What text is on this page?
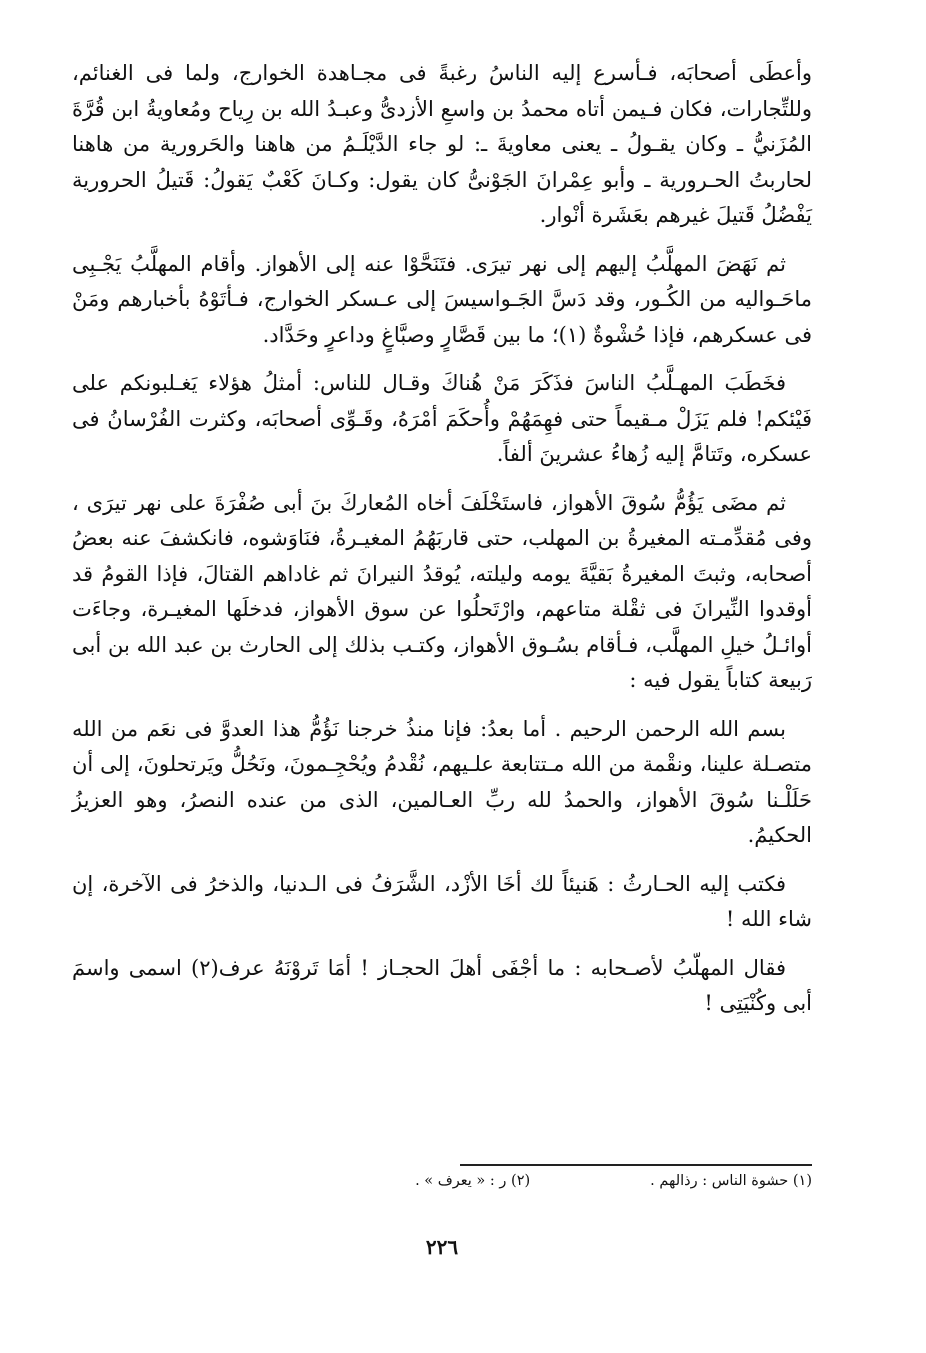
وأعطَى أصحابَه، فـأسرع إليه الناسُ رغبةً فى مجـاهدة الخوارج، ولما فى الغنائم، وللتِّجارات، فكان فـيمن أتاه محمدُ بن واسعِ الأزدىُّ وعبـدُ الله بن رِياح ومُعاويةُ ابن قُرَّةَ المُزَنيُّ ـ وكان يقـولُ ـ يعنى معاويةَ ـ: لو جاء الدَّيْلَـمُ من هاهنا والحَرورية من هاهنا لحاربتُ الحـرورية ـ وأبو عِمْرانَ الجَوْنىُّ كان يقول: وكـانَ كَعْبٌ يَقولُ: قَتيلُ الحرورية يَفْضُلُ قَتيلَ غيرهم بعَشَرة أنْوار.

ثم نَهَضَ المهلَّبُ إليهم إلى نهر تيرَى. فتَنَحَّوْا عنه إلى الأهواز. وأقام المهلَّبُ يَجْـبِى ماحَـواليه من الكُـور، وقد دَسَّ الجَـواسيسَ إلى عـسكر الخوارج، فـأتَوْهُ بأخبارهم ومَنْ فى عسكرهم، فإذا حُشْوةٌ (١)؛ ما بين قَصَّارٍ وصبَّاغٍ وداعرٍ وحَدَّاد.

فخَطَبَ المهـلَّبُ الناسَ فذَكَرَ مَنْ هُناكَ وقـال للناس: أمثلُ هؤلاء يَغـلبونكم على فَيْئكم! فلم يَزَلْ مـقيماً حتى فهِمَهُمْ وأُحكَمَ أمْرَهُ، وقَـوِّى أصحابَه، وكثرت الفُرْسانُ فى عسكره، وتَتامَّ إليه زُهاءُ عشرينَ ألفاً.

ثم مضَى يَؤُمُّ سُوقَ الأهواز، فاستَخْلَفَ أخاه المُعاركَ بنَ أبى صُفْرَةَ على نهر تيرَى ، وفى مُقدِّمـته المغيرةُ بن المهلب، حتى قاربَهُمُ المغيـرةُ، فنَاوَشوه، فانكشفَ عنه بعضُ أصحابه، وثبتَ المغيرةُ بَقيَّةَ يومه وليلته، يُوقدُ النيرانَ ثم غاداهم القتالَ، فإذا القومُ قد أوقدوا النِّيرانَ فى ثقْلة متاعهم، وارْتَحلُوا عن سوق الأهواز، فدخلَها المغيـرة، وجاءَت أوائـلُ خيلِ المهلَّب، فـأقام بسُـوق الأهواز، وكتـب بذلك إلى الحارث بن عبد الله بن أبى رَبيعة كتاباً يقول فيه :

بسم الله الرحمن الرحيم . أما بعدُ: فإنا منذُ خرجنا نَؤُمُّ هذا العدوَّ فى نعَم من الله متصـلة علينا، ونقْمة من الله مـتتابعة علـيهم، نُقْدمُ ويُحْجِـمونَ، ونَحُلُّ ويَرتحلونَ، إلى أن حَلَلْـنا سُوقَ الأهواز، والحمدُ لله ربِّ العـالمين، الذى من عنده النصرُ، وهو العزيزُ الحكيمُ.

فكتب إليه الحـارثُ : هَنيئاً لك أخَا الأزْد، الشَّرَفُ فى الـدنيا، والذخرُ فى الآخرة، إن شاء الله !

فقال المهلّبُ لأصـحابه : ما أجْفَى أهلَ الحجـاز ! أمَا تَروْنَهُ عرف(٢) اسمى واسمَ أبى وكُنْيَتِى !

(١) حشوة الناس : رذالهم .
(٢) ر : « يعرف » .
٢٢٦
